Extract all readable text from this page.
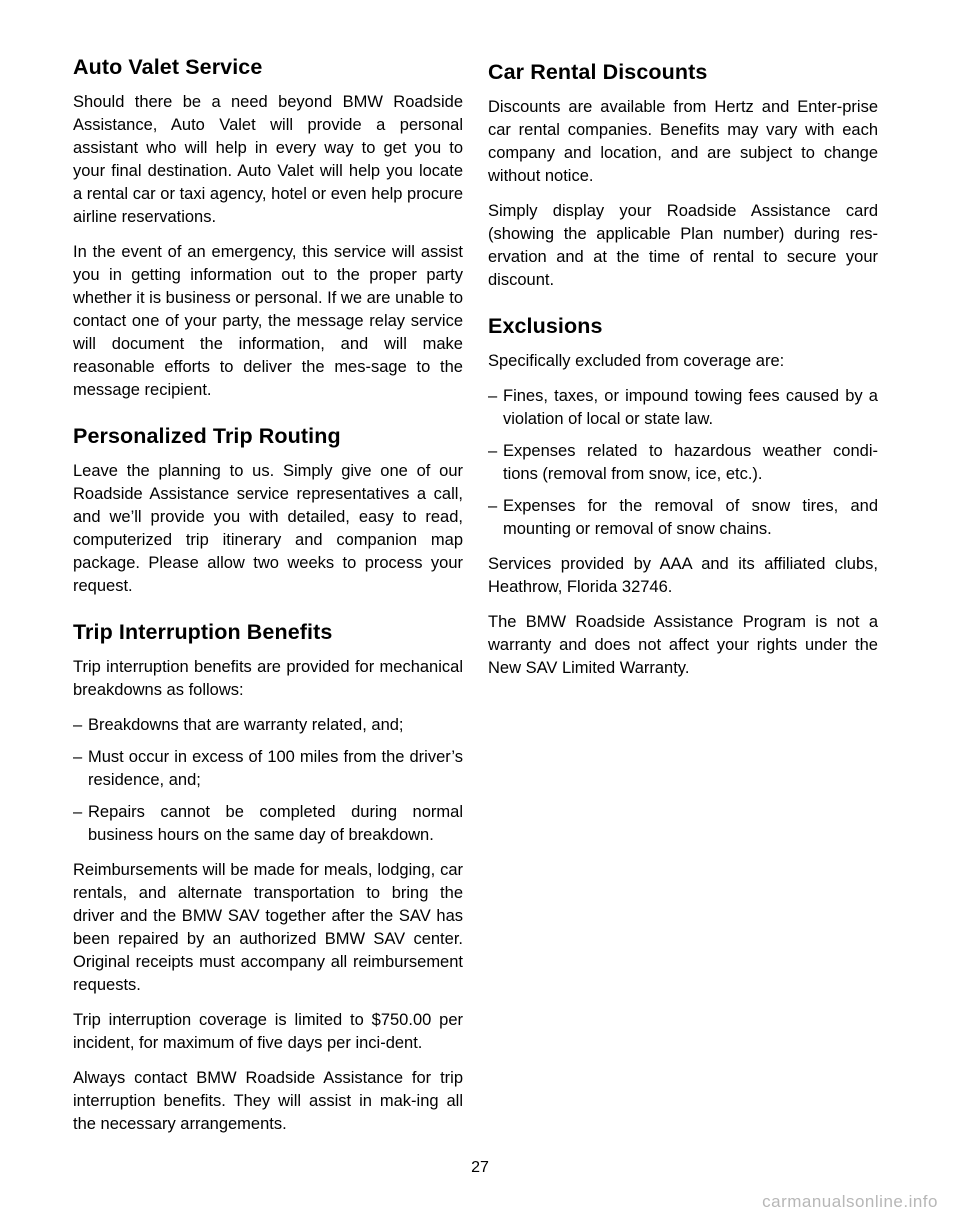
Auto Valet Service

Should there be a need beyond BMW Roadside Assistance, Auto Valet will provide a personal assistant who will help in every way to get you to your final destination. Auto Valet will help you locate a rental car or taxi agency, hotel or even help procure airline reservations.

In the event of an emergency, this service will assist you in getting information out to the proper party whether it is business or personal. If we are unable to contact one of your party, the message relay service will document the information, and will make reasonable efforts to deliver the mes-sage to the message recipient.

Personalized Trip Routing

Leave the planning to us. Simply give one of our Roadside Assistance service representatives a call, and we’ll provide you with detailed, easy to read, computerized trip itinerary and companion map package. Please allow two weeks to process your request.

Trip Interruption Benefits

Trip interruption benefits are provided for mechanical breakdowns as follows:

– Breakdowns that are warranty related, and;
– Must occur in excess of 100 miles from the driver’s residence, and;
– Repairs cannot be completed during normal business hours on the same day of breakdown.

Reimbursements will be made for meals, lodging, car rentals, and alternate transportation to bring the driver and the BMW SAV together after the SAV has been repaired by an authorized BMW SAV center. Original receipts must accompany all reimbursement requests.

Trip interruption coverage is limited to $750.00 per incident, for maximum of five days per inci-dent.

Always contact BMW Roadside Assistance for trip interruption benefits. They will assist in mak-ing all the necessary arrangements.

Car Rental Discounts

Discounts are available from Hertz and Enter-prise car rental companies. Benefits may vary with each company and location, and are subject to change without notice.

Simply display your Roadside Assistance card (showing the applicable Plan number) during res-ervation and at the time of rental to secure your discount.

Exclusions

Specifically excluded from coverage are:

– Fines, taxes, or impound towing fees caused by a violation of local or state law.
– Expenses related to hazardous weather condi-tions (removal from snow, ice, etc.).
– Expenses for the removal of snow tires, and mounting or removal of snow chains.

Services provided by AAA and its affiliated clubs, Heathrow, Florida 32746.

The BMW Roadside Assistance Program is not a warranty and does not affect your rights under the New SAV Limited Warranty.

27
carmanualsonline.info
